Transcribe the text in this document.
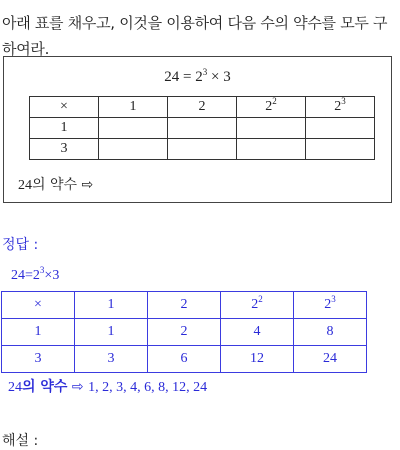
아래 표를 채우고, 이것을 이용하여 다음 수의 약수를 모두 구하여라.
$24 = 2^3 \times 3$
×	1	2	$2^2$	$2^3$
1				
3				
24의 약수 ⇨
정답 :
$24=2^3\times 3$
×	1	2	$2^2$	$2^3$
1	1	2	4	8
3	3	6	12	24
24의 약수 ⇨ 1, 2, 3, 4, 6, 8, 12, 24
해설 :
